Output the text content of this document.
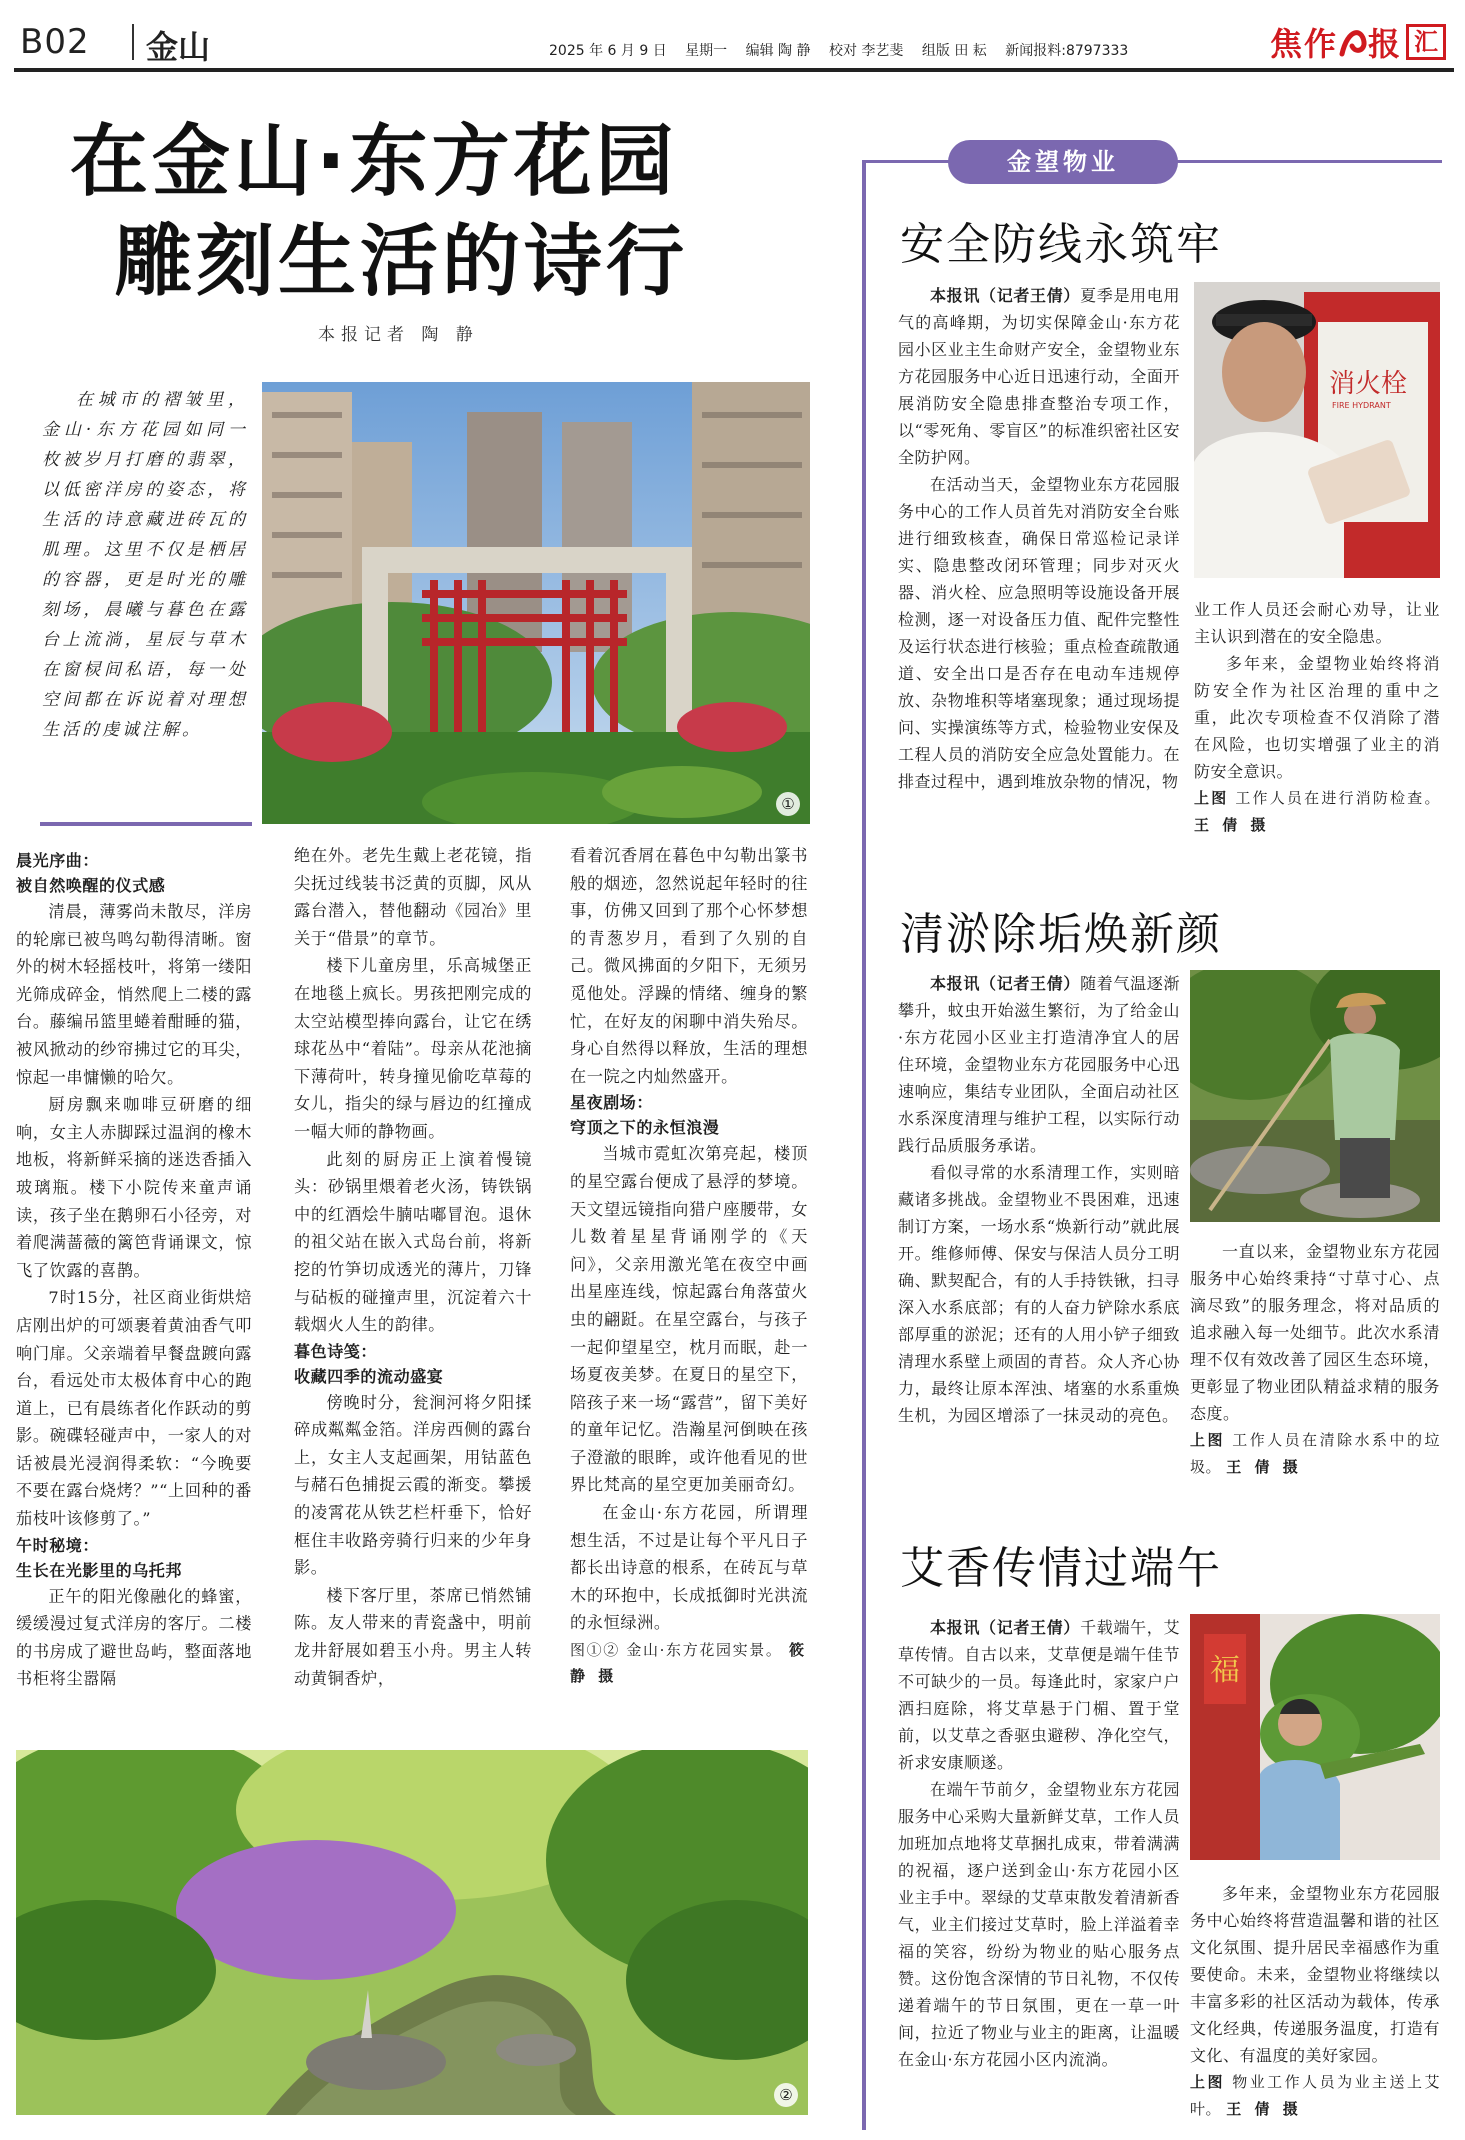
B02 金山	2025 年 6 月 9 日 星期一 编辑 陶 静 校对 李艺斐 组版 田 耘 新闻报料:8797333	焦作 报 汇
在金山·东方花园
雕刻生活的诗行
本报记者 陶 静

在城市的褶皱里，金山·东方花园如同一枚被岁月打磨的翡翠，以低密洋房的姿态，将生活的诗意藏进砖瓦的肌理。这里不仅是栖居的容器，更是时光的雕刻场，晨曦与暮色在露台上流淌，星辰与草木在窗棂间私语，每一处空间都在诉说着对理想生活的虔诚注解。

①

晨光序曲：

被自然唤醒的仪式感

清晨，薄雾尚未散尽，洋房的轮廓已被鸟鸣勾勒得清晰。窗外的树木轻摇枝叶，将第一缕阳光筛成碎金，悄然爬上二楼的露台。藤编吊篮里蜷着酣睡的猫，被风掀动的纱帘拂过它的耳尖，惊起一串慵懒的哈欠。

厨房飘来咖啡豆研磨的细响，女主人赤脚踩过温润的橡木地板，将新鲜采摘的迷迭香插入玻璃瓶。楼下小院传来童声诵读，孩子坐在鹅卵石小径旁，对着爬满蔷薇的篱笆背诵课文，惊飞了饮露的喜鹊。

7时15分，社区商业街烘焙店刚出炉的可颂裹着黄油香气叩响门扉。父亲端着早餐盘踱向露台，看远处市太极体育中心的跑道上，已有晨练者化作跃动的剪影。碗碟轻碰声中，一家人的对话被晨光浸润得柔软：“今晚要不要在露台烧烤？”“上回种的番茄枝叶该修剪了。”

午时秘境：

生长在光影里的乌托邦

正午的阳光像融化的蜂蜜，缓缓漫过复式洋房的客厅。二楼的书房成了避世岛屿，整面落地书柜将尘嚣隔

绝在外。老先生戴上老花镜，指尖抚过线装书泛黄的页脚，风从露台潜入，替他翻动《园冶》里关于“借景”的章节。

楼下儿童房里，乐高城堡正在地毯上疯长。男孩把刚完成的太空站模型捧向露台，让它在绣球花丛中“着陆”。母亲从花池摘下薄荷叶，转身撞见偷吃草莓的女儿，指尖的绿与唇边的红撞成一幅大师的静物画。

此刻的厨房正上演着慢镜头：砂锅里煨着老火汤，铸铁锅中的红酒烩牛腩咕嘟冒泡。退休的祖父站在嵌入式岛台前，将新挖的竹笋切成透光的薄片，刀锋与砧板的碰撞声里，沉淀着六十载烟火人生的韵律。

暮色诗笺：

收藏四季的流动盛宴

傍晚时分，瓮涧河将夕阳揉碎成粼粼金箔。洋房西侧的露台上，女主人支起画架，用钴蓝色与赭石色捕捉云霞的渐变。攀援的凌霄花从铁艺栏杆垂下，恰好框住丰收路旁骑行归来的少年身影。

楼下客厅里，茶席已悄然铺陈。友人带来的青瓷盏中，明前龙井舒展如碧玉小舟。男主人转动黄铜香炉，

看着沉香屑在暮色中勾勒出篆书般的烟迹，忽然说起年轻时的往事，仿佛又回到了那个心怀梦想的青葱岁月，看到了久别的自己。微风拂面的夕阳下，无须另觅他处。浮躁的情绪、缠身的繁忙，在好友的闲聊中消失殆尽。身心自然得以释放，生活的理想在一院之内灿然盛开。

星夜剧场：

穹顶之下的永恒浪漫

当城市霓虹次第亮起，楼顶的星空露台便成了悬浮的梦境。天文望远镜指向猎户座腰带，女儿数着星星背诵刚学的《天问》，父亲用激光笔在夜空中画出星座连线，惊起露台角落萤火虫的翩跹。在星空露台，与孩子一起仰望星空，枕月而眠，赴一场夏夜美梦。在夏日的星空下，陪孩子来一场“露营”，留下美好的童年记忆。浩瀚星河倒映在孩子澄澈的眼眸，或许他看见的世界比梵高的星空更加美丽奇幻。

在金山·东方花园，所谓理想生活，不过是让每个平凡日子都长出诗意的根系，在砖瓦与草木的环抱中，长成抵御时光洪流的永恒绿洲。

图①② 金山·东方花园实景。 筱静 摄

②
金望物业
安全防线永筑牢
消火栓
FIRE HYDRANT

本报讯（记者王倩）夏季是用电用气的高峰期，为切实保障金山·东方花园小区业主生命财产安全，金望物业东方花园服务中心近日迅速行动，全面开展消防安全隐患排查整治专项工作，以“零死角、零盲区”的标准织密社区安全防护网。

在活动当天，金望物业东方花园服务中心的工作人员首先对消防安全台账进行细致核查，确保日常巡检记录详实、隐患整改闭环管理；同步对灭火器、消火栓、应急照明等设施设备开展检测，逐一对设备压力值、配件完整性及运行状态进行核验；重点检查疏散通道、安全出口是否存在电动车违规停放、杂物堆积等堵塞现象；通过现场提问、实操演练等方式，检验物业安保及工程人员的消防安全应急处置能力。在排查过程中，遇到堆放杂物的情况，物

业工作人员还会耐心劝导，让业主认识到潜在的安全隐患。

多年来，金望物业始终将消防安全作为社区治理的重中之重，此次专项检查不仅消除了潜在风险，也切实增强了业主的消防安全意识。

上图 工作人员在进行消防检查。 王 倩 摄

清淤除垢焕新颜

本报讯（记者王倩）随着气温逐渐攀升，蚊虫开始滋生繁衍，为了给金山·东方花园小区业主打造清净宜人的居住环境，金望物业东方花园服务中心迅速响应，集结专业团队，全面启动社区水系深度清理与维护工程，以实际行动践行品质服务承诺。

看似寻常的水系清理工作，实则暗藏诸多挑战。金望物业不畏困难，迅速制订方案，一场水系“焕新行动”就此展开。维修师傅、保安与保洁人员分工明确、默契配合，有的人手持铁锹，扫寻深入水系底部；有的人奋力铲除水系底部厚重的淤泥；还有的人用小铲子细致清理水系壁上顽固的青苔。众人齐心协力，最终让原本浑浊、堵塞的水系重焕生机，为园区增添了一抹灵动的亮色。

一直以来，金望物业东方花园服务中心始终秉持“寸草寸心、点滴尽致”的服务理念，将对品质的追求融入每一处细节。此次水系清理不仅有效改善了园区生态环境，更彰显了物业团队精益求精的服务态度。

上图 工作人员在清除水系中的垃圾。 王 倩 摄

艾香传情过端午
福

本报讯（记者王倩）千载端午，艾草传情。自古以来，艾草便是端午佳节不可缺少的一员。每逢此时，家家户户洒扫庭除，将艾草悬于门楣、置于堂前，以艾草之香驱虫避秽、净化空气，祈求安康顺遂。

在端午节前夕，金望物业东方花园服务中心采购大量新鲜艾草，工作人员加班加点地将艾草捆扎成束，带着满满的祝福，逐户送到金山·东方花园小区业主手中。翠绿的艾草束散发着清新香气，业主们接过艾草时，脸上洋溢着幸福的笑容，纷纷为物业的贴心服务点赞。这份饱含深情的节日礼物，不仅传递着端午的节日氛围，更在一草一叶间，拉近了物业与业主的距离，让温暖在金山·东方花园小区内流淌。

多年来，金望物业东方花园服务中心始终将营造温馨和谐的社区文化氛围、提升居民幸福感作为重要使命。未来，金望物业将继续以丰富多彩的社区活动为载体，传承文化经典，传递服务温度，打造有文化、有温度的美好家园。

上图 物业工作人员为业主送上艾叶。 王 倩 摄
